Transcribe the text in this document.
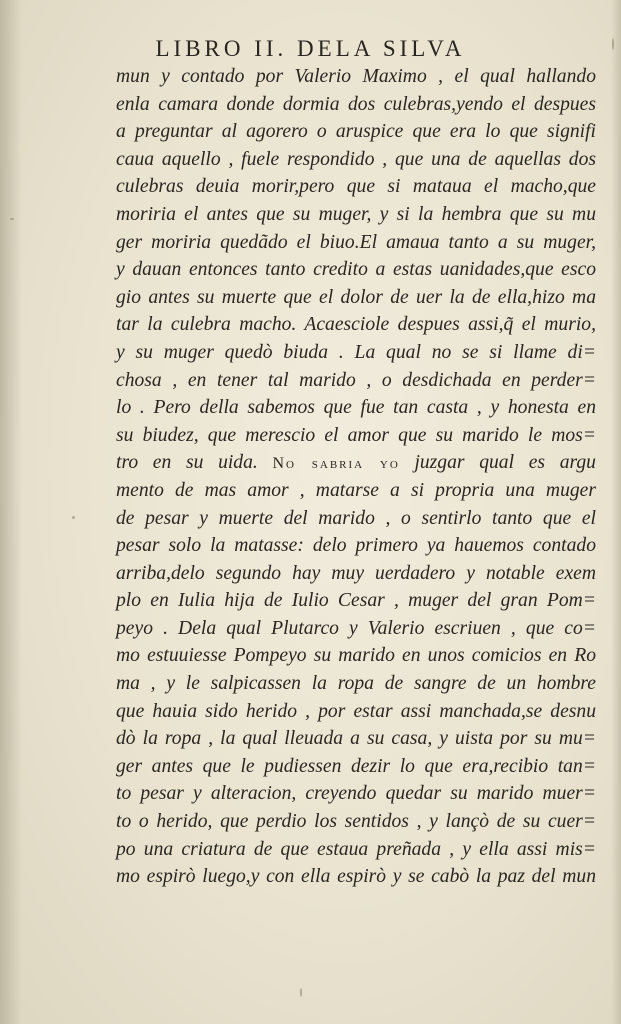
LIBRO II. DELA SILVA
mun y contado por Valerio Maximo , el qual hallando
enla camara donde dormia dos culebras,yendo el despues
a preguntar al agorero o aruspice que era lo que signifi
caua aquello , fuele respondido , que una de aquellas dos
culebras deuia morir,pero que si mataua el macho,que
moriria el antes que su muger, y si la hembra que su mu
ger moriria quedãdo el biuo.El amaua tanto a su muger,
y dauan entonces tanto credito a estas uanidades,que esco
gio antes su muerte que el dolor de uer la de ella,hizo ma
tar la culebra macho. Acaesciole despues assi,q̃ el murio,
y su muger quedò biuda . La qual no se si llame di=
chosa , en tener tal marido , o desdichada en perder=
lo . Pero della sabemos que fue tan casta , y honesta en
su biudez, que merescio el amor que su marido le mos=
tro en su uida. No sabria yo juzgar qual es argu
mento de mas amor , matarse a si propria una muger
de pesar y muerte del marido , o sentirlo tanto que el
pesar solo la matasse: delo primero ya hauemos contado
arriba,delo segundo hay muy uerdadero y notable exem
plo en Iulia hija de Iulio Cesar , muger del gran Pom=
peyo . Dela qual Plutarco y Valerio escriuen , que co=
mo estuuiesse Pompeyo su marido en unos comicios en Ro
ma , y le salpicassen la ropa de sangre de un hombre
que hauia sido herido , por estar assi manchada,se desnu
dò la ropa , la qual lleuada a su casa, y uista por su mu=
ger antes que le pudiessen dezir lo que era,recibio tan=
to pesar y alteracion, creyendo quedar su marido muer=
to o herido, que perdio los sentidos , y lançò de su cuer=
po una criatura de que estaua preñada , y ella assi mis=
mo espirò luego,y con ella espirò y se cabò la paz del mun
